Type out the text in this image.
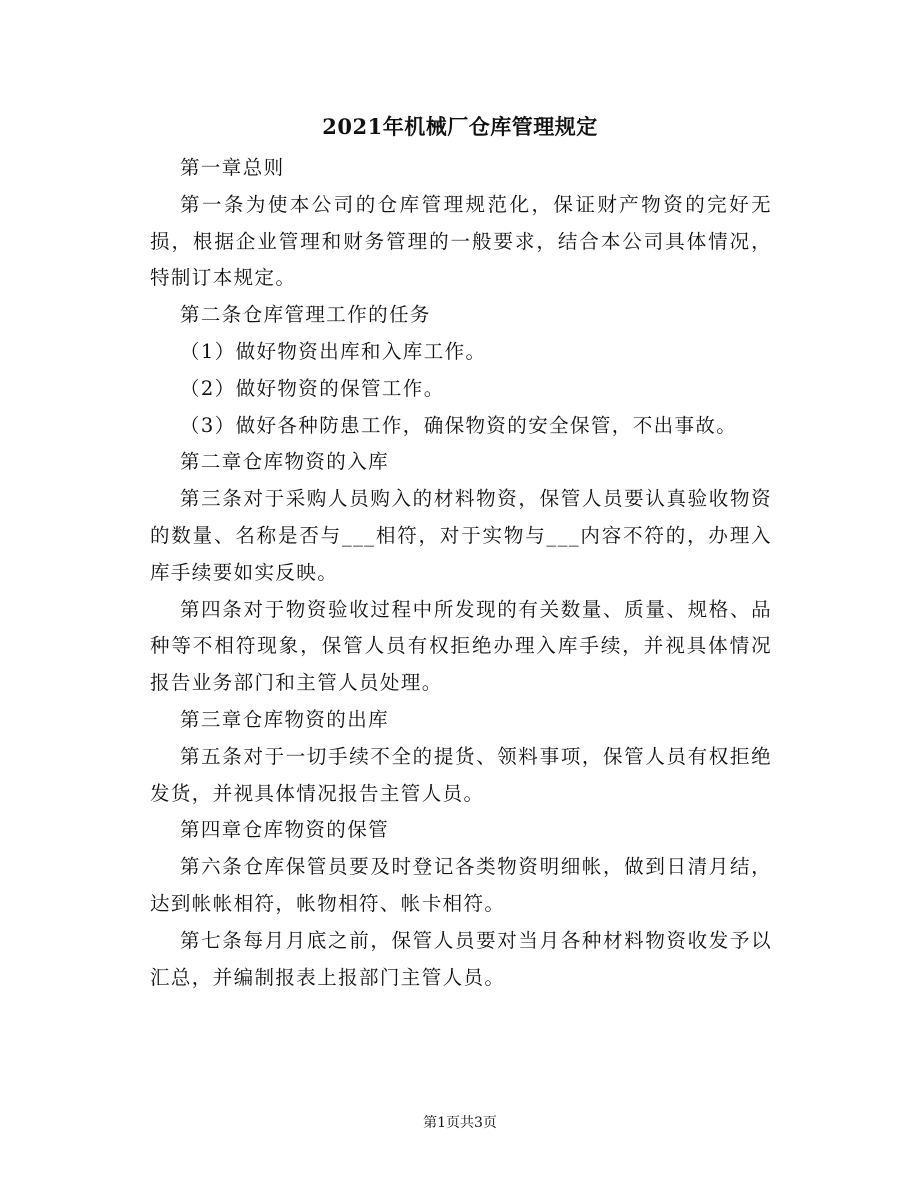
2021年机械厂仓库管理规定

第一章总则

第一条为使本公司的仓库管理规范化，保证财产物资的完好无损，根据企业管理和财务管理的一般要求，结合本公司具体情况，特制订本规定。

第二条仓库管理工作的任务

（1）做好物资出库和入库工作。

（2）做好物资的保管工作。

（3）做好各种防患工作，确保物资的安全保管，不出事故。

第二章仓库物资的入库

第三条对于采购人员购入的材料物资，保管人员要认真验收物资的数量、名称是否与___相符，对于实物与___内容不符的，办理入库手续要如实反映。

第四条对于物资验收过程中所发现的有关数量、质量、规格、品种等不相符现象，保管人员有权拒绝办理入库手续，并视具体情况报告业务部门和主管人员处理。

第三章仓库物资的出库

第五条对于一切手续不全的提货、领料事项，保管人员有权拒绝发货，并视具体情况报告主管人员。

第四章仓库物资的保管

第六条仓库保管员要及时登记各类物资明细帐，做到日清月结，达到帐帐相符，帐物相符、帐卡相符。

第七条每月月底之前，保管人员要对当月各种材料物资收发予以汇总，并编制报表上报部门主管人员。

第1页共3页
